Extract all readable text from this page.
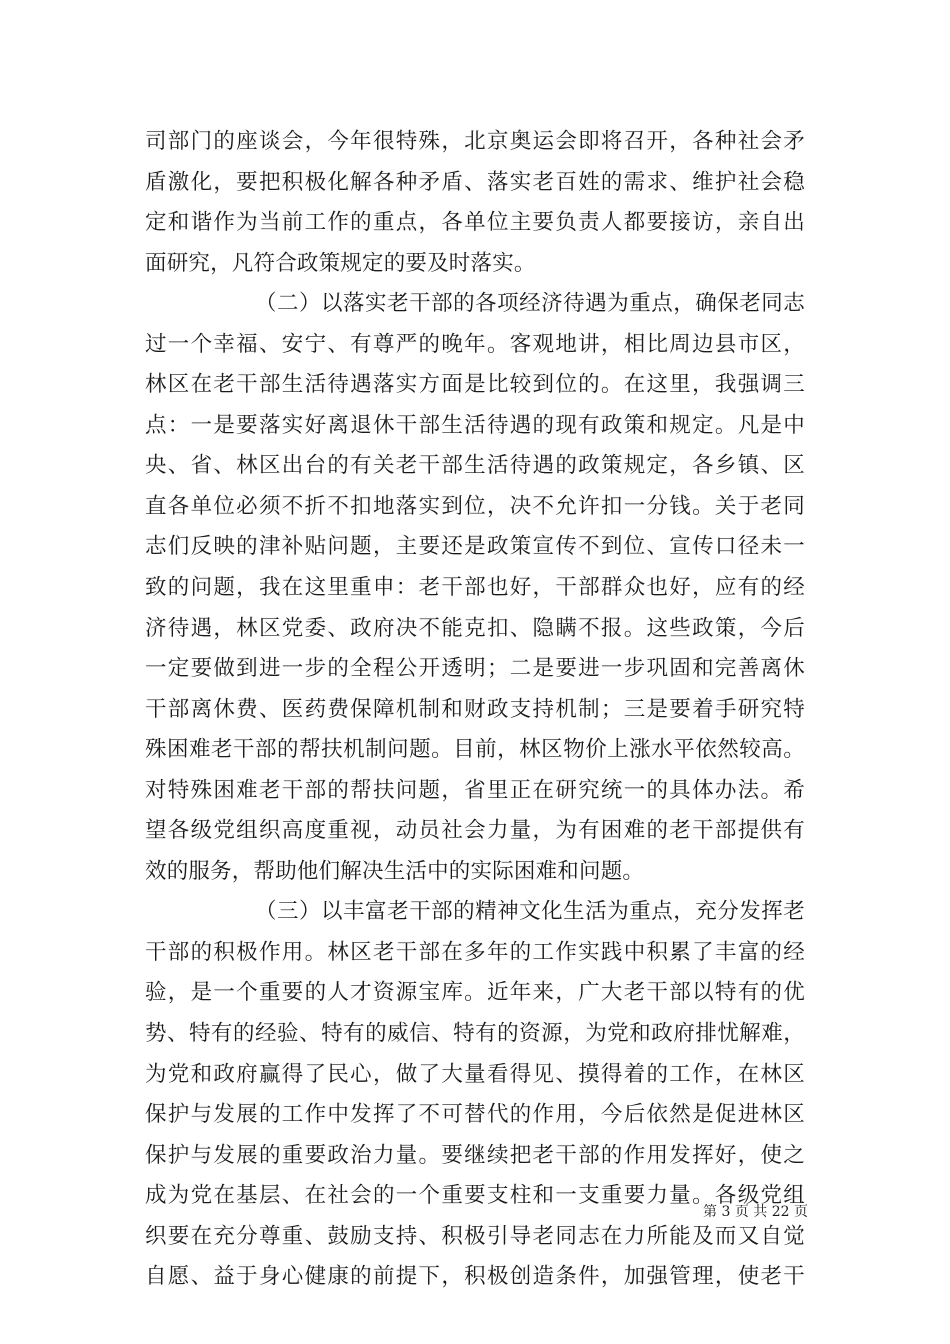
司部门的座谈会，今年很特殊，北京奥运会即将召开，各种社会矛
盾激化，要把积极化解各种矛盾、落实老百姓的需求、维护社会稳
定和谐作为当前工作的重点，各单位主要负责人都要接访，亲自出
面研究，凡符合政策规定的要及时落实。
（二）以落实老干部的各项经济待遇为重点，确保老同志
过一个幸福、安宁、有尊严的晚年。客观地讲，相比周边县市区，
林区在老干部生活待遇落实方面是比较到位的。在这里，我强调三
点：一是要落实好离退休干部生活待遇的现有政策和规定。凡是中
央、省、林区出台的有关老干部生活待遇的政策规定，各乡镇、区
直各单位必须不折不扣地落实到位，决不允许扣一分钱。关于老同
志们反映的津补贴问题，主要还是政策宣传不到位、宣传口径未一
致的问题，我在这里重申：老干部也好，干部群众也好，应有的经
济待遇，林区党委、政府决不能克扣、隐瞒不报。这些政策，今后
一定要做到进一步的全程公开透明；二是要进一步巩固和完善离休
干部离休费、医药费保障机制和财政支持机制；三是要着手研究特
殊困难老干部的帮扶机制问题。目前，林区物价上涨水平依然较高。
对特殊困难老干部的帮扶问题，省里正在研究统一的具体办法。希
望各级党组织高度重视，动员社会力量，为有困难的老干部提供有
效的服务，帮助他们解决生活中的实际困难和问题。
（三）以丰富老干部的精神文化生活为重点，充分发挥老
干部的积极作用。林区老干部在多年的工作实践中积累了丰富的经
验，是一个重要的人才资源宝库。近年来，广大老干部以特有的优
势、特有的经验、特有的威信、特有的资源，为党和政府排忧解难，
为党和政府赢得了民心，做了大量看得见、摸得着的工作，在林区
保护与发展的工作中发挥了不可替代的作用，今后依然是促进林区
保护与发展的重要政治力量。要继续把老干部的作用发挥好，使之
成为党在基层、在社会的一个重要支柱和一支重要力量。各级党组
织要在充分尊重、鼓励支持、积极引导老同志在力所能及而又自觉
自愿、益于身心健康的前提下，积极创造条件，加强管理，使老干
第 3 页 共 22 页
